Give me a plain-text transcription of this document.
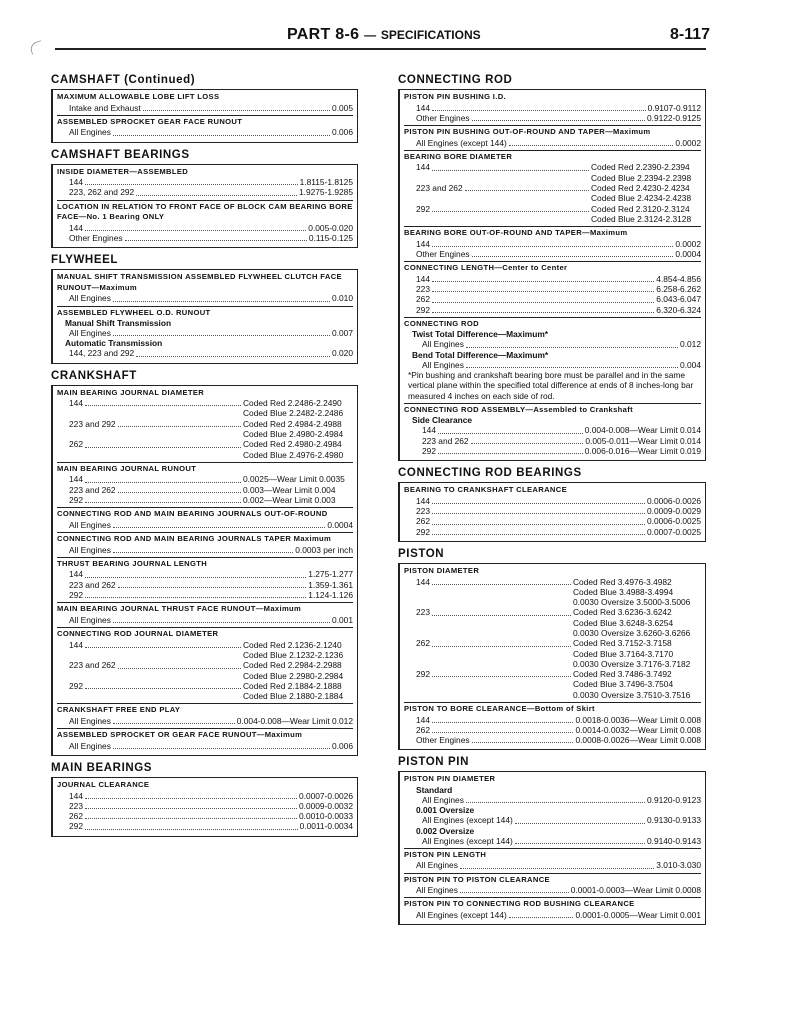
PART 8-6 — SPECIFICATIONS	8-117
CAMSHAFT (Continued)
MAXIMUM ALLOWABLE LOBE LIFT LOSS
Intake and Exhaust	0.005
ASSEMBLED SPROCKET GEAR FACE RUNOUT
All Engines	0.006
CAMSHAFT BEARINGS
INSIDE DIAMETER—ASSEMBLED
144	1.8115-1.8125
223, 262 and 292	1.9275-1.9285
LOCATION IN RELATION TO FRONT FACE OF BLOCK CAM BEARING BORE FACE—No. 1 Bearing ONLY
144	0.005-0.020
Other Engines	0.115-0.125
FLYWHEEL
MANUAL SHIFT TRANSMISSION ASSEMBLED FLYWHEEL CLUTCH FACE RUNOUT—Maximum
All Engines	0.010
ASSEMBLED FLYWHEEL O.D. RUNOUT
Manual Shift Transmission
All Engines	0.007
Automatic Transmission
144, 223 and 292	0.020
CRANKSHAFT
MAIN BEARING JOURNAL DIAMETER
144	Coded Red 2.2486-2.2490
Coded Blue 2.2482-2.2486
223 and 292	Coded Red 2.4984-2.4988
Coded Blue 2.4980-2.4984
262	Coded Red 2.4980-2.4984
Coded Blue 2.4976-2.4980
MAIN BEARING JOURNAL RUNOUT
144	0.0025—Wear Limit 0.0035
223 and 262	0.003—Wear Limit 0.004
292	0.002—Wear Limit 0.003
CONNECTING ROD AND MAIN BEARING JOURNALS OUT-OF-ROUND
All Engines	0.0004
CONNECTING ROD AND MAIN BEARING JOURNALS TAPER Maximum
All Engines	0.0003 per inch
THRUST BEARING JOURNAL LENGTH
144	1.275-1.277
223 and 262	1.359-1.361
292	1.124-1.126
MAIN BEARING JOURNAL THRUST FACE RUNOUT—Maximum
All Engines	0.001
CONNECTING ROD JOURNAL DIAMETER
144	Coded Red 2.1236-2.1240
Coded Blue 2.1232-2.1236
223 and 262	Coded Red 2.2984-2.2988
Coded Blue 2.2980-2.2984
292	Coded Red 2.1884-2.1888
Coded Blue 2.1880-2.1884
CRANKSHAFT FREE END PLAY
All Engines	0.004-0.008—Wear Limit 0.012
ASSEMBLED SPROCKET OR GEAR FACE RUNOUT—Maximum
All Engines	0.006
MAIN BEARINGS
JOURNAL CLEARANCE
144	0.0007-0.0026
223	0.0009-0.0032
262	0.0010-0.0033
292	0.0011-0.0034
CONNECTING ROD
PISTON PIN BUSHING I.D.
144	0.9107-0.9112
Other Engines	0.9122-0.9125
PISTON PIN BUSHING OUT-OF-ROUND AND TAPER—Maximum
All Engines (except 144)	0.0002
BEARING BORE DIAMETER
144	Coded Red 2.2390-2.2394
Coded Blue 2.2394-2.2398
223 and 262	Coded Red 2.4230-2.4234
Coded Blue 2.4234-2.4238
292	Coded Red 2.3120-2.3124
Coded Blue 2.3124-2.3128
BEARING BORE OUT-OF-ROUND AND TAPER—Maximum
144	0.0002
Other Engines	0.0004
CONNECTING LENGTH—Center to Center
144	4.854-4.856
223	6.258-6.262
262	6.043-6.047
292	6.320-6.324
CONNECTING ROD
Twist Total Difference—Maximum*
All Engines	0.012
Bend Total Difference—Maximum*
All Engines	0.004
*Pin bushing and crankshaft bearing bore must be parallel and in the same vertical plane within the specified total difference at ends of 8 inches-long bar measured 4 inches on each side of rod.
CONNECTING ROD ASSEMBLY—Assembled to Crankshaft
Side Clearance
144	0.004-0.008—Wear Limit 0.014
223 and 262	0.005-0.011—Wear Limit 0.014
292	0.006-0.016—Wear Limit 0.019
CONNECTING ROD BEARINGS
BEARING TO CRANKSHAFT CLEARANCE
144	0.0006-0.0026
223	0.0009-0.0029
262	0.0006-0.0025
292	0.0007-0.0025
PISTON
PISTON DIAMETER
144	Coded Red 3.4976-3.4982
Coded Blue 3.4988-3.4994
0.0030 Oversize 3.5000-3.5006
223	Coded Red 3.6236-3.6242
Coded Blue 3.6248-3.6254
0.0030 Oversize 3.6260-3.6266
262	Coded Red 3.7152-3.7158
Coded Blue 3.7164-3.7170
0.0030 Oversize 3.7176-3.7182
292	Coded Red 3.7486-3.7492
Coded Blue 3.7496-3.7504
0.0030 Oversize 3.7510-3.7516
PISTON TO BORE CLEARANCE—Bottom of Skirt
144	0.0018-0.0036—Wear Limit 0.008
262	0.0014-0.0032—Wear Limit 0.008
Other Engines	0.0008-0.0026—Wear Limit 0.008
PISTON PIN
PISTON PIN DIAMETER
Standard
All Engines	0.9120-0.9123
0.001 Oversize
All Engines (except 144)	0.9130-0.9133
0.002 Oversize
All Engines (except 144)	0.9140-0.9143
PISTON PIN LENGTH
All Engines	3.010-3.030
PISTON PIN TO PISTON CLEARANCE
All Engines	0.0001-0.0003—Wear Limit 0.0008
PISTON PIN TO CONNECTING ROD BUSHING CLEARANCE
All Engines (except 144)	0.0001-0.0005—Wear Limit 0.001
